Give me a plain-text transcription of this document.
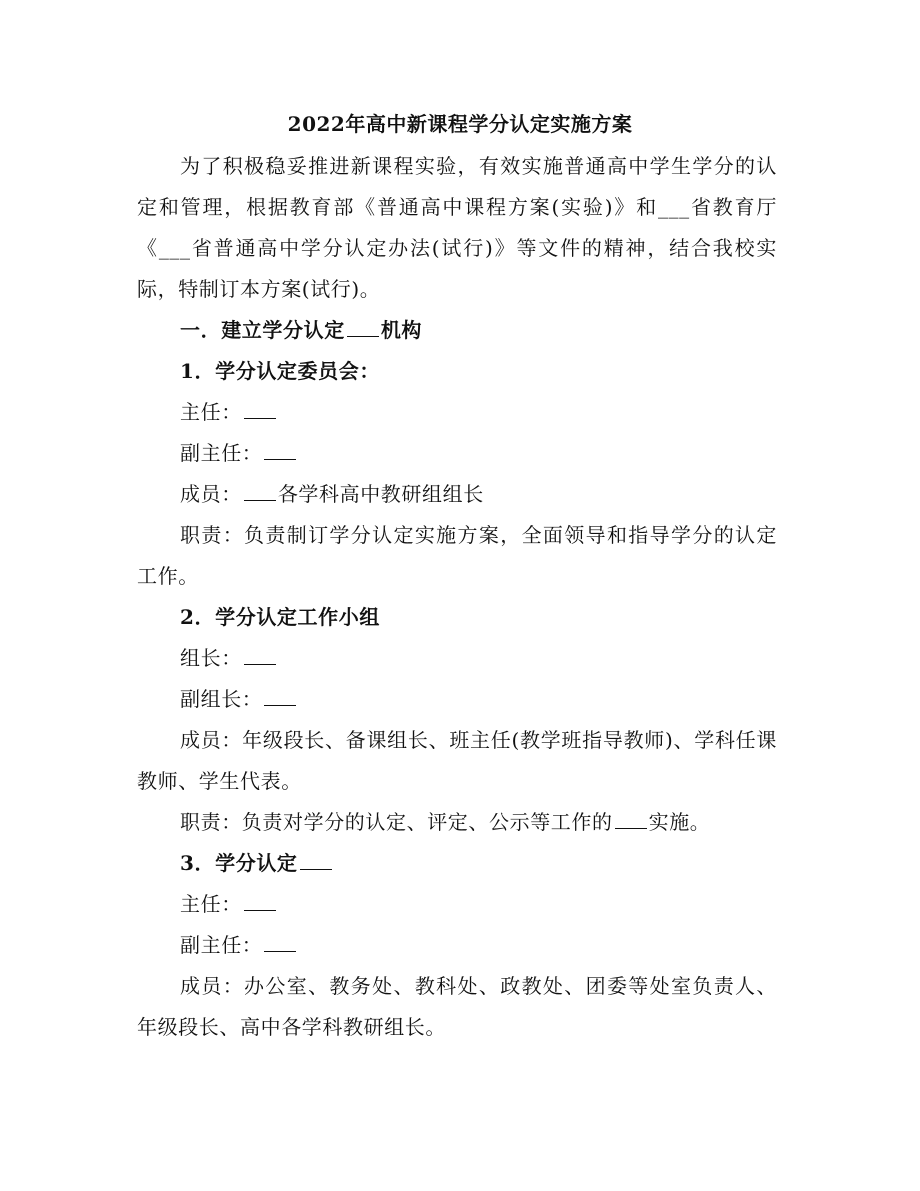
2022年高中新课程学分认定实施方案

为了积极稳妥推进新课程实验，有效实施普通高中学生学分的认定和管理，根据教育部《普通高中课程方案(实验)》和___省教育厅《___省普通高中学分认定办法(试行)》等文件的精神，结合我校实际，特制订本方案(试行)。

一．建立学分认定 机构

1．学分认定委员会：

主任：

副主任：

成员： 各学科高中教研组组长

职责：负责制订学分认定实施方案，全面领导和指导学分的认定工作。

2．学分认定工作小组

组长：

副组长：

成员：年级段长、备课组长、班主任(教学班指导教师)、学科任课教师、学生代表。

职责：负责对学分的认定、评定、公示等工作的 实施。

3．学分认定

主任：

副主任：

成员：办公室、教务处、教科处、政教处、团委等处室负责人、年级段长、高中各学科教研组长。
